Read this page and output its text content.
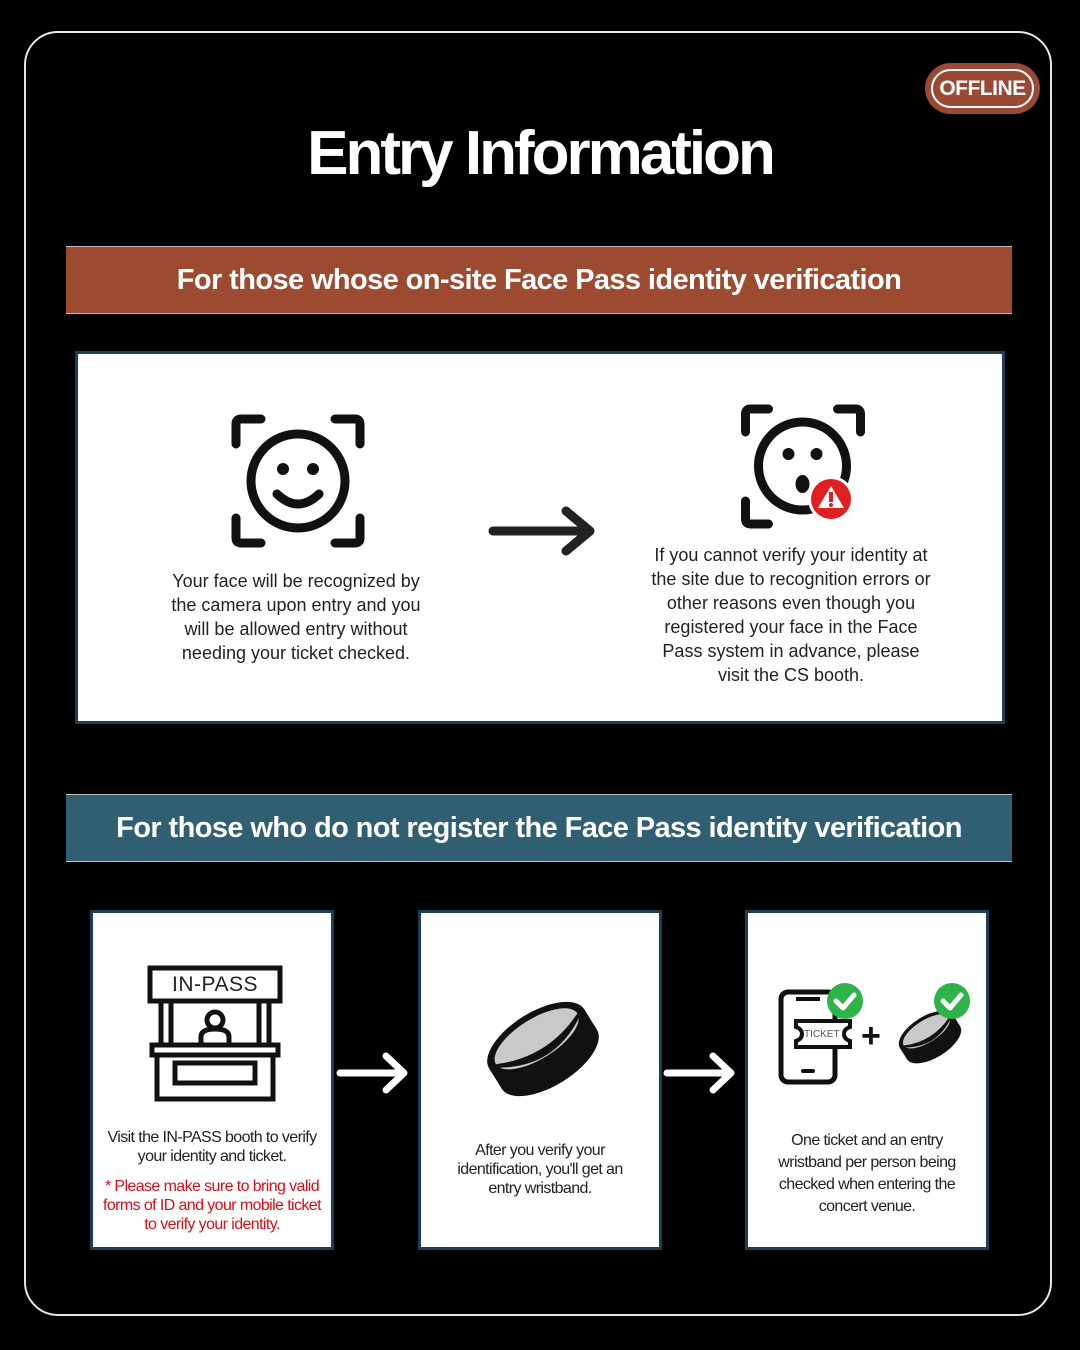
OFFLINE
Entry Information
For those whose on-site Face Pass identity verification
Your face will be recognized by the camera upon entry and you will be allowed entry without needing your ticket checked.
If you cannot verify your identity at the site due to recognition errors or other reasons even though you registered your face in the Face Pass system in advance, please visit the CS booth.
For those who do not register the Face Pass identity verification
IN-PASS
Visit the IN-PASS booth to verify your identity and ticket.
* Please make sure to bring valid forms of ID and your mobile ticket to verify your identity.
After you verify your identification, you'll get an entry wristband.
TICKET +
One ticket and an entry wristband per person being checked when entering the concert venue.
